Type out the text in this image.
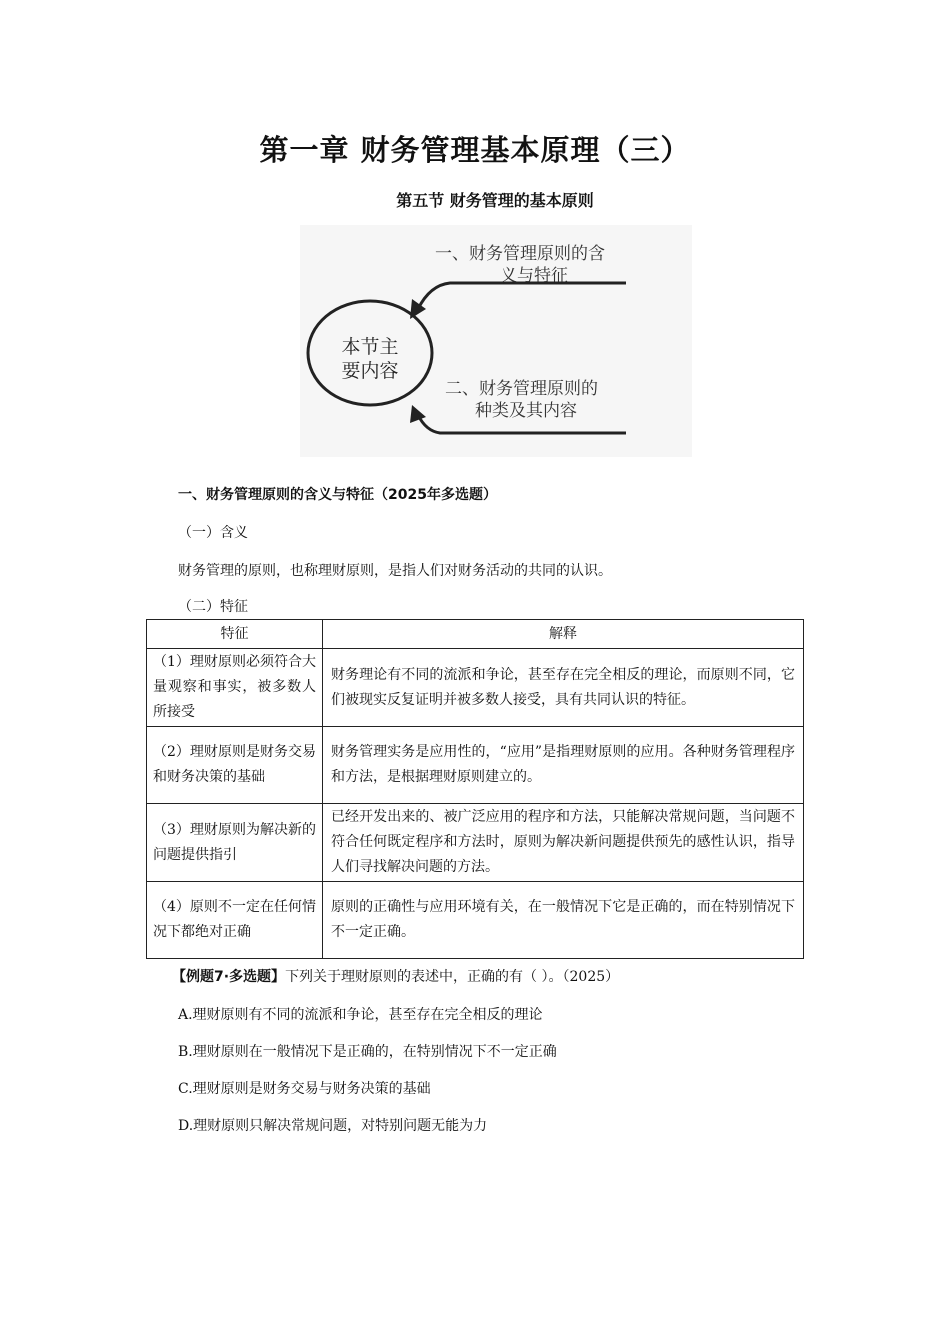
第一章 财务管理基本原理（三）
第五节 财务管理的基本原则
本节主
要内容
一、财务管理原则的含
义与特征
二、财务管理原则的
种类及其内容
一、财务管理原则的含义与特征（2025年多选题）
（一）含义
财务管理的原则，也称理财原则，是指人们对财务活动的共同的认识。
（二）特征
特征	解释
（1）理财原则必须符合大量观察和事实，被多数人所接受	财务理论有不同的流派和争论，甚至存在完全相反的理论，而原则不同，它们被现实反复证明并被多数人接受，具有共同认识的特征。
（2）理财原则是财务交易和财务决策的基础	财务管理实务是应用性的，“应用”是指理财原则的应用。各种财务管理程序和方法，是根据理财原则建立的。
（3）理财原则为解决新的问题提供指引	已经开发出来的、被广泛应用的程序和方法，只能解决常规问题，当问题不符合任何既定程序和方法时，原则为解决新问题提供预先的感性认识，指导人们寻找解决问题的方法。
（4）原则不一定在任何情况下都绝对正确	原则的正确性与应用环境有关，在一般情况下它是正确的，而在特别情况下不一定正确。
【例题7·多选题】下列关于理财原则的表述中，正确的有（ ）。（2025）
A.理财原则有不同的流派和争论，甚至存在完全相反的理论
B.理财原则在一般情况下是正确的，在特别情况下不一定正确
C.理财原则是财务交易与财务决策的基础
D.理财原则只解决常规问题，对特别问题无能为力
